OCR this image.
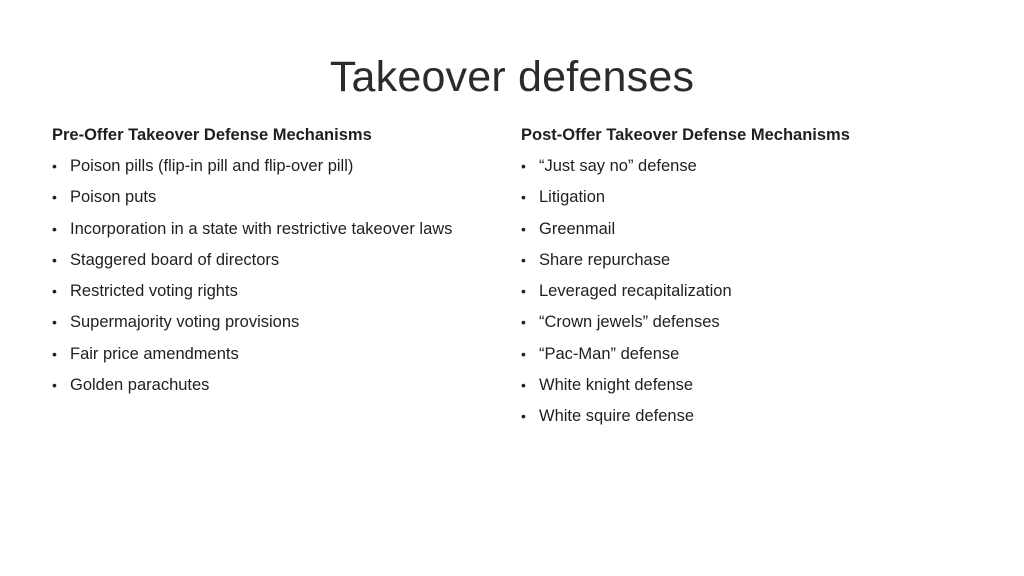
Takeover defenses
Pre-Offer Takeover Defense Mechanisms
• Poison pills (flip-in pill and flip-over pill)
• Poison puts
• Incorporation in a state with restrictive takeover laws
• Staggered board of directors
• Restricted voting rights
• Supermajority voting provisions
• Fair price amendments
• Golden parachutes
Post-Offer Takeover Defense Mechanisms
• “Just say no” defense
• Litigation
• Greenmail
• Share repurchase
• Leveraged recapitalization
• “Crown jewels” defenses
• “Pac-Man” defense
• White knight defense
• White squire defense
